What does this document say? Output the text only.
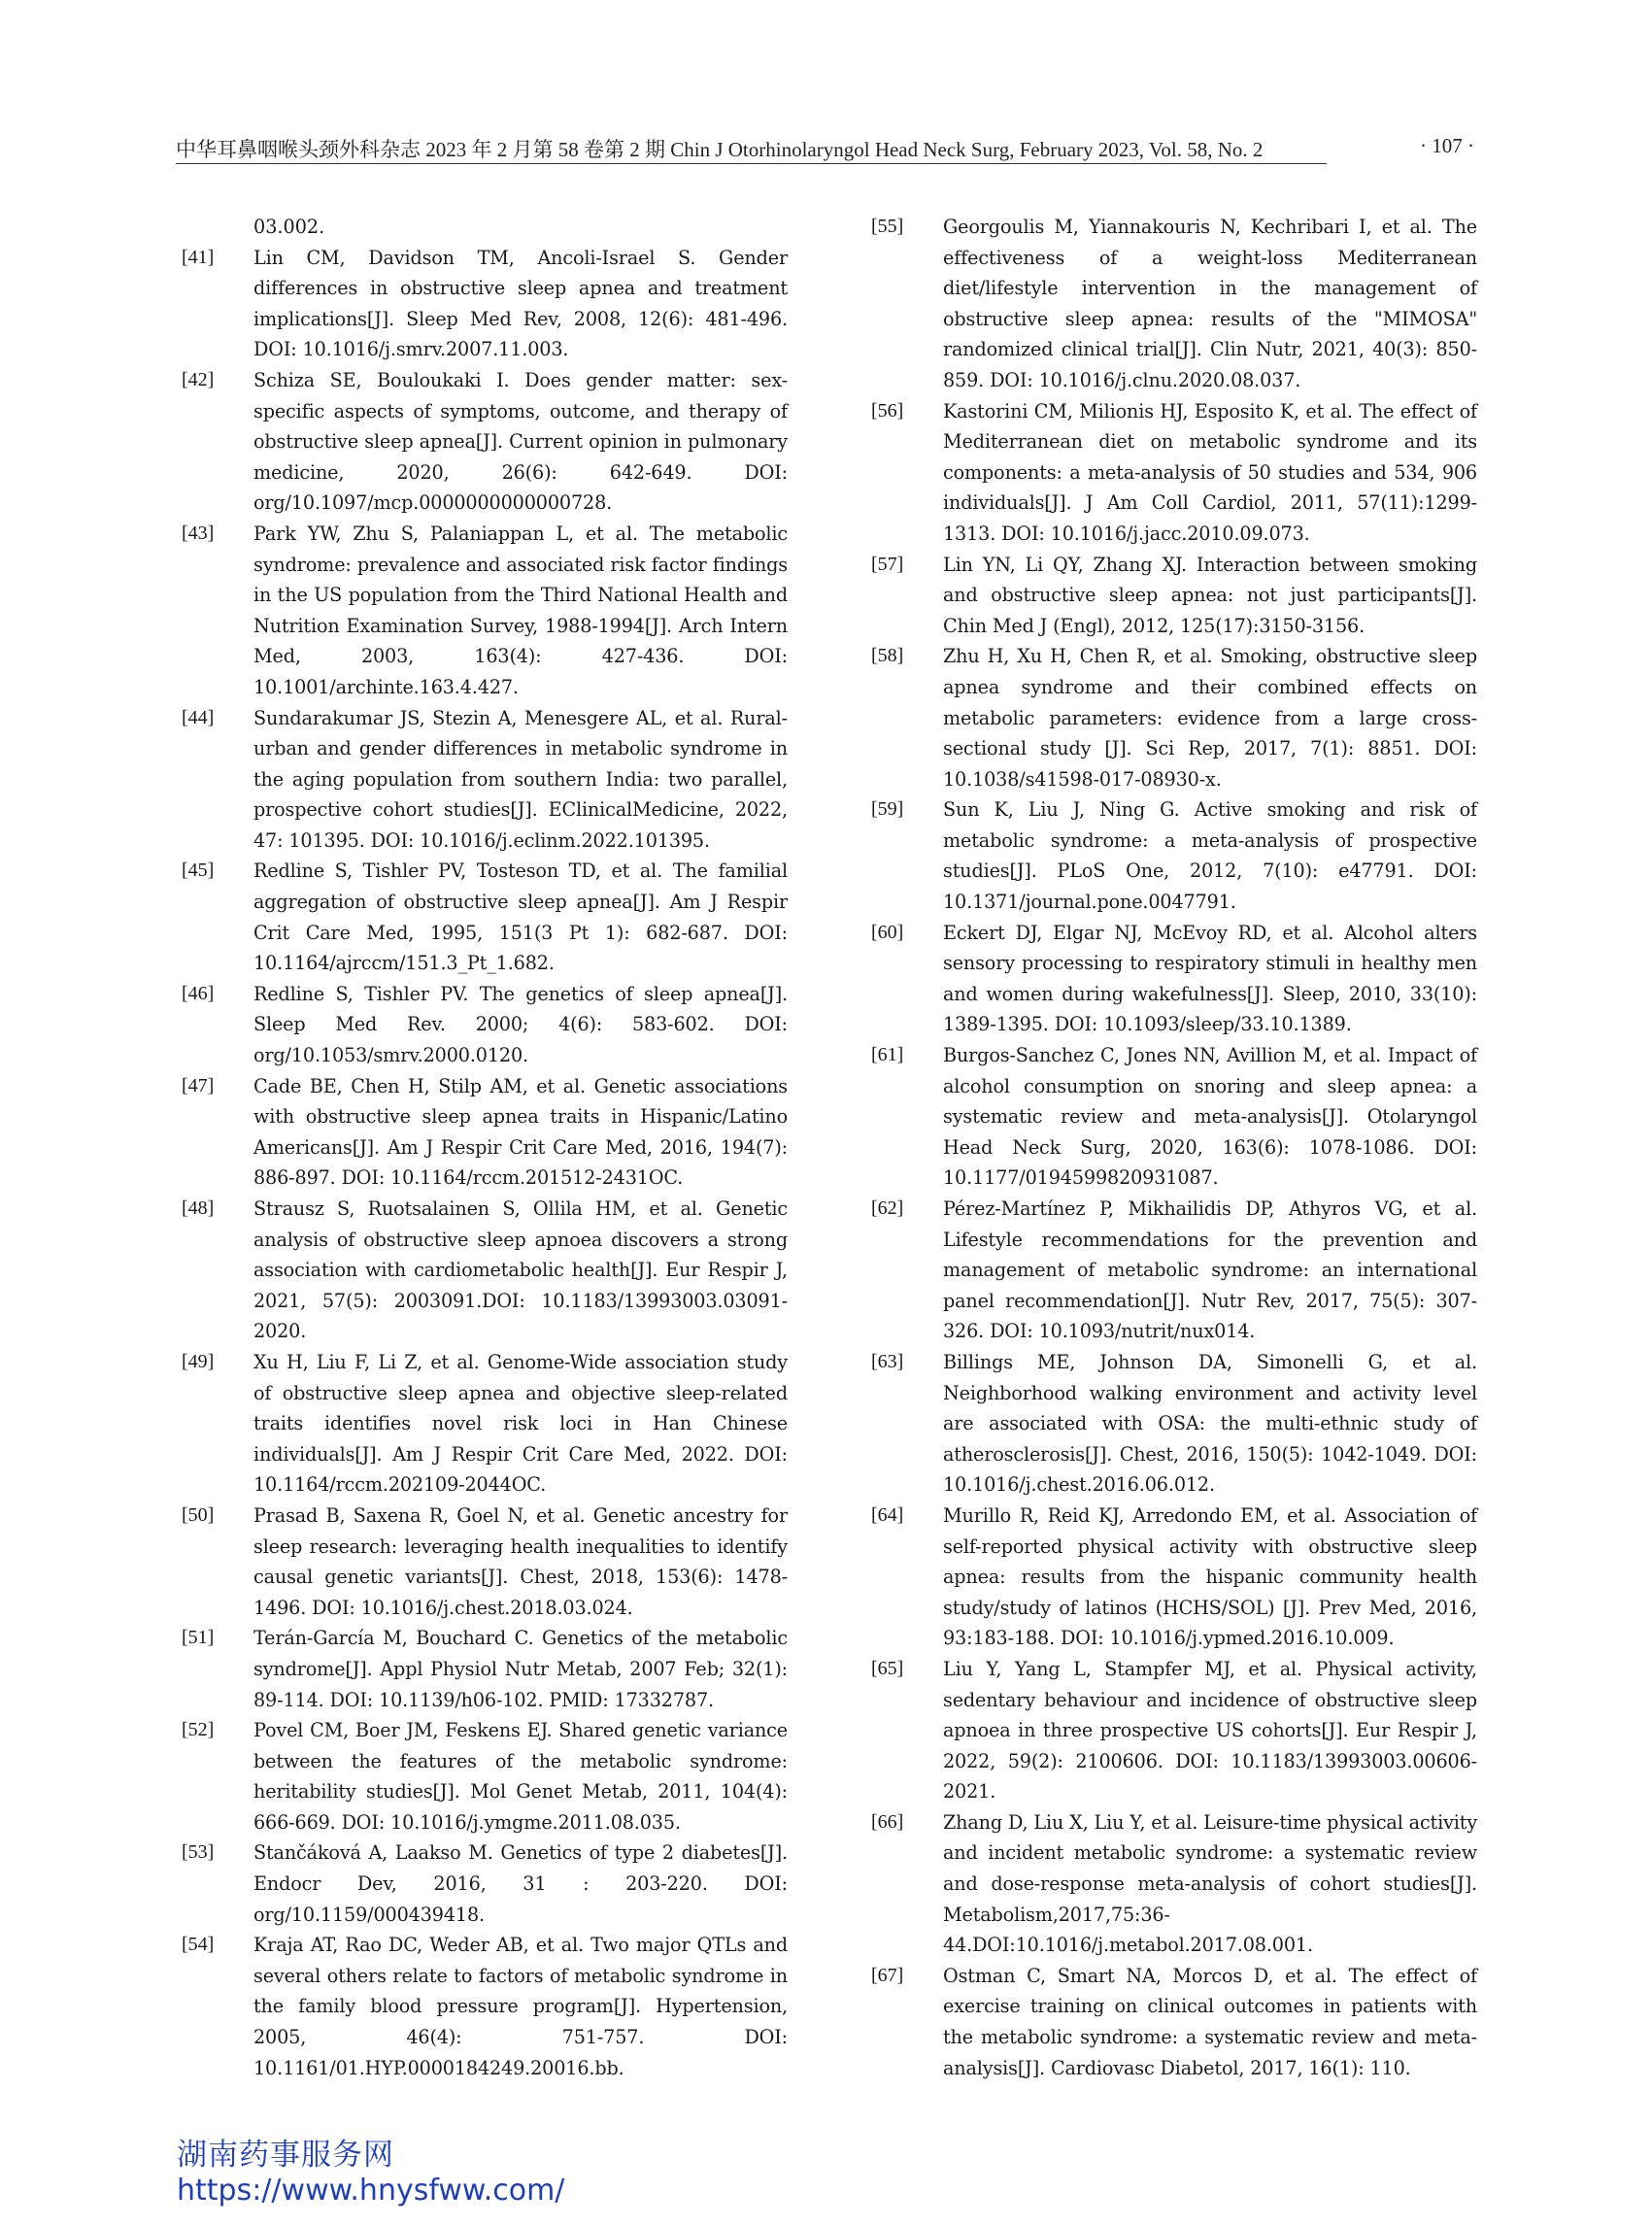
中华耳鼻咽喉头颈外科杂志 2023 年 2 月第 58 卷第 2 期 Chin J Otorhinolaryngol Head Neck Surg, February 2023, Vol. 58, No. 2	· 107 ·
03.002.
[41] Lin CM, Davidson TM, Ancoli-Israel S. Gender differences in obstructive sleep apnea and treatment implications[J]. Sleep Med Rev, 2008, 12(6): 481-496. DOI: 10.1016/j.smrv.2007.11.003.
[42] Schiza SE, Bouloukaki I. Does gender matter: sex-specific aspects of symptoms, outcome, and therapy of obstructive sleep apnea[J]. Current opinion in pulmonary medicine, 2020, 26(6): 642-649. DOI: org/10.1097/mcp.0000000000000728.
[43] Park YW, Zhu S, Palaniappan L, et al. The metabolic syndrome: prevalence and associated risk factor findings in the US population from the Third National Health and Nutrition Examination Survey, 1988-1994[J]. Arch Intern Med, 2003, 163(4): 427-436. DOI: 10.1001/archinte.163.4.427.
[44] Sundarakumar JS, Stezin A, Menesgere AL, et al. Rural-urban and gender differences in metabolic syndrome in the aging population from southern India: two parallel, prospective cohort studies[J]. EClinicalMedicine, 2022, 47: 101395. DOI: 10.1016/j.eclinm.2022.101395.
[45] Redline S, Tishler PV, Tosteson TD, et al. The familial aggregation of obstructive sleep apnea[J]. Am J Respir Crit Care Med, 1995, 151(3 Pt 1): 682-687. DOI: 10.1164/ajrccm/151.3_Pt_1.682.
[46] Redline S, Tishler PV. The genetics of sleep apnea[J]. Sleep Med Rev. 2000; 4(6): 583-602. DOI: org/10.1053/smrv.2000.0120.
[47] Cade BE, Chen H, Stilp AM, et al. Genetic associations with obstructive sleep apnea traits in Hispanic/Latino Americans[J]. Am J Respir Crit Care Med, 2016, 194(7): 886-897. DOI: 10.1164/rccm.201512-2431OC.
[48] Strausz S, Ruotsalainen S, Ollila HM, et al. Genetic analysis of obstructive sleep apnoea discovers a strong association with cardiometabolic health[J]. Eur Respir J, 2021, 57(5): 2003091.DOI: 10.1183/13993003.03091-2020.
[49] Xu H, Liu F, Li Z, et al. Genome-Wide association study of obstructive sleep apnea and objective sleep-related traits identifies novel risk loci in Han Chinese individuals[J]. Am J Respir Crit Care Med, 2022. DOI: 10.1164/rccm.202109-2044OC.
[50] Prasad B, Saxena R, Goel N, et al. Genetic ancestry for sleep research: leveraging health inequalities to identify causal genetic variants[J]. Chest, 2018, 153(6): 1478-1496. DOI: 10.1016/j.chest.2018.03.024.
[51] Terán-García M, Bouchard C. Genetics of the metabolic syndrome[J]. Appl Physiol Nutr Metab, 2007 Feb; 32(1): 89-114. DOI: 10.1139/h06-102. PMID: 17332787.
[52] Povel CM, Boer JM, Feskens EJ. Shared genetic variance between the features of the metabolic syndrome: heritability studies[J]. Mol Genet Metab, 2011, 104(4): 666-669. DOI: 10.1016/j.ymgme.2011.08.035.
[53] Stančáková A, Laakso M. Genetics of type 2 diabetes[J]. Endocr Dev, 2016, 31 : 203-220. DOI: org/10.1159/000439418.
[54] Kraja AT, Rao DC, Weder AB, et al. Two major QTLs and several others relate to factors of metabolic syndrome in the family blood pressure program[J]. Hypertension, 2005, 46(4): 751-757. DOI: 10.1161/01.HYP.0000184249.20016.bb.
[55] Georgoulis M, Yiannakouris N, Kechribari I, et al. The effectiveness of a weight-loss Mediterranean diet/lifestyle intervention in the management of obstructive sleep apnea: results of the "MIMOSA" randomized clinical trial[J]. Clin Nutr, 2021, 40(3): 850-859. DOI: 10.1016/j.clnu.2020.08.037.
[56] Kastorini CM, Milionis HJ, Esposito K, et al. The effect of Mediterranean diet on metabolic syndrome and its components: a meta-analysis of 50 studies and 534, 906 individuals[J]. J Am Coll Cardiol, 2011, 57(11):1299-1313. DOI: 10.1016/j.jacc.2010.09.073.
[57] Lin YN, Li QY, Zhang XJ. Interaction between smoking and obstructive sleep apnea: not just participants[J]. Chin Med J (Engl), 2012, 125(17):3150-3156.
[58] Zhu H, Xu H, Chen R, et al. Smoking, obstructive sleep apnea syndrome and their combined effects on metabolic parameters: evidence from a large cross-sectional study [J]. Sci Rep, 2017, 7(1): 8851. DOI: 10.1038/s41598-017-08930-x.
[59] Sun K, Liu J, Ning G. Active smoking and risk of metabolic syndrome: a meta-analysis of prospective studies[J]. PLoS One, 2012, 7(10): e47791. DOI: 10.1371/journal.pone.0047791.
[60] Eckert DJ, Elgar NJ, McEvoy RD, et al. Alcohol alters sensory processing to respiratory stimuli in healthy men and women during wakefulness[J]. Sleep, 2010, 33(10): 1389-1395. DOI: 10.1093/sleep/33.10.1389.
[61] Burgos-Sanchez C, Jones NN, Avillion M, et al. Impact of alcohol consumption on snoring and sleep apnea: a systematic review and meta-analysis[J]. Otolaryngol Head Neck Surg, 2020, 163(6): 1078-1086. DOI: 10.1177/0194599820931087.
[62] Pérez-Martínez P, Mikhailidis DP, Athyros VG, et al. Lifestyle recommendations for the prevention and management of metabolic syndrome: an international panel recommendation[J]. Nutr Rev, 2017, 75(5): 307-326. DOI: 10.1093/nutrit/nux014.
[63] Billings ME, Johnson DA, Simonelli G, et al. Neighborhood walking environment and activity level are associated with OSA: the multi-ethnic study of atherosclerosis[J]. Chest, 2016, 150(5): 1042-1049. DOI: 10.1016/j.chest.2016.06.012.
[64] Murillo R, Reid KJ, Arredondo EM, et al. Association of self-reported physical activity with obstructive sleep apnea: results from the hispanic community health study/study of latinos (HCHS/SOL) [J]. Prev Med, 2016, 93:183-188. DOI: 10.1016/j.ypmed.2016.10.009.
[65] Liu Y, Yang L, Stampfer MJ, et al. Physical activity, sedentary behaviour and incidence of obstructive sleep apnoea in three prospective US cohorts[J]. Eur Respir J, 2022, 59(2): 2100606. DOI: 10.1183/13993003.00606-2021.
[66] Zhang D, Liu X, Liu Y, et al. Leisure-time physical activity and incident metabolic syndrome: a systematic review and dose-response meta-analysis of cohort studies[J]. Metabolism,2017,75:36-44.DOI:10.1016/j.metabol.2017.08.001.
[67] Ostman C, Smart NA, Morcos D, et al. The effect of exercise training on clinical outcomes in patients with the metabolic syndrome: a systematic review and meta-analysis[J]. Cardiovasc Diabetol, 2017, 16(1): 110.
湖南药事服务网
https://www.hnysfww.com/
